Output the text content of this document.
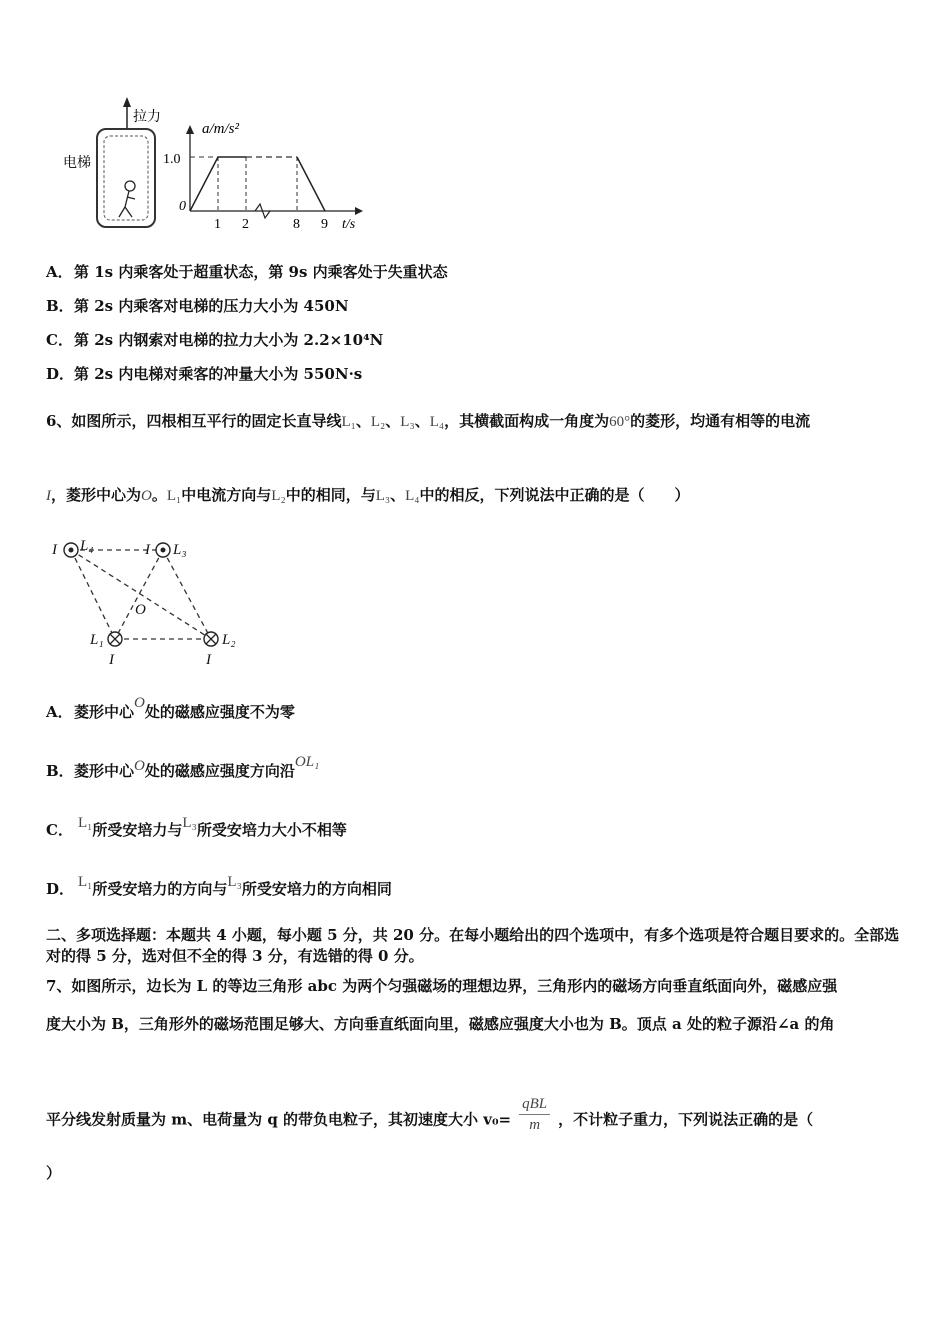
拉力
电梯
a/m/s²
1.0
0
1 2	8 9 t/s
A．第 1s 内乘客处于超重状态，第 9s 内乘客处于失重状态
B．第 2s 内乘客对电梯的压力大小为 450N
C．第 2s 内钢索对电梯的拉力大小为 2.2×10⁴N
D．第 2s 内电梯对乘客的冲量大小为 550N·s
6、如图所示，四根相互平行的固定长直导线L₁、L₂、L₃、L₄，其横截面构成一角度为60°的菱形，均通有相等的电流
I，菱形中心为O。L₁中电流方向与L₂中的相同，与L₃、L₄中的相反，下列说法中正确的是（　　）
I L₄	I L₃
O
L₁
I
L₂
I
A．菱形中心O处的磁感应强度不为零
B．菱形中心O处的磁感应强度方向沿OL₁
C． L₁所受安培力与L₃所受安培力大小不相等
D． L₁所受安培力的方向与L₃所受安培力的方向相同
二、多项选择题：本题共 4 小题，每小题 5 分，共 20 分。在每小题给出的四个选项中，有多个选项是符合题目要求的。全部选对的得 5 分，选对但不全的得 3 分，有选错的得 0 分。
7、如图所示，边长为 L 的等边三角形 abc 为两个匀强磁场的理想边界，三角形内的磁场方向垂直纸面向外，磁感应强
度大小为 B，三角形外的磁场范围足够大、方向垂直纸面向里，磁感应强度大小也为 B。顶点 a 处的粒子源沿∠a 的角
平分线发射质量为 m、电荷量为 q 的带负电粒子，其初速度大小 v₀=
qBL
m	，不计粒子重力，下列说法正确的是（
）
